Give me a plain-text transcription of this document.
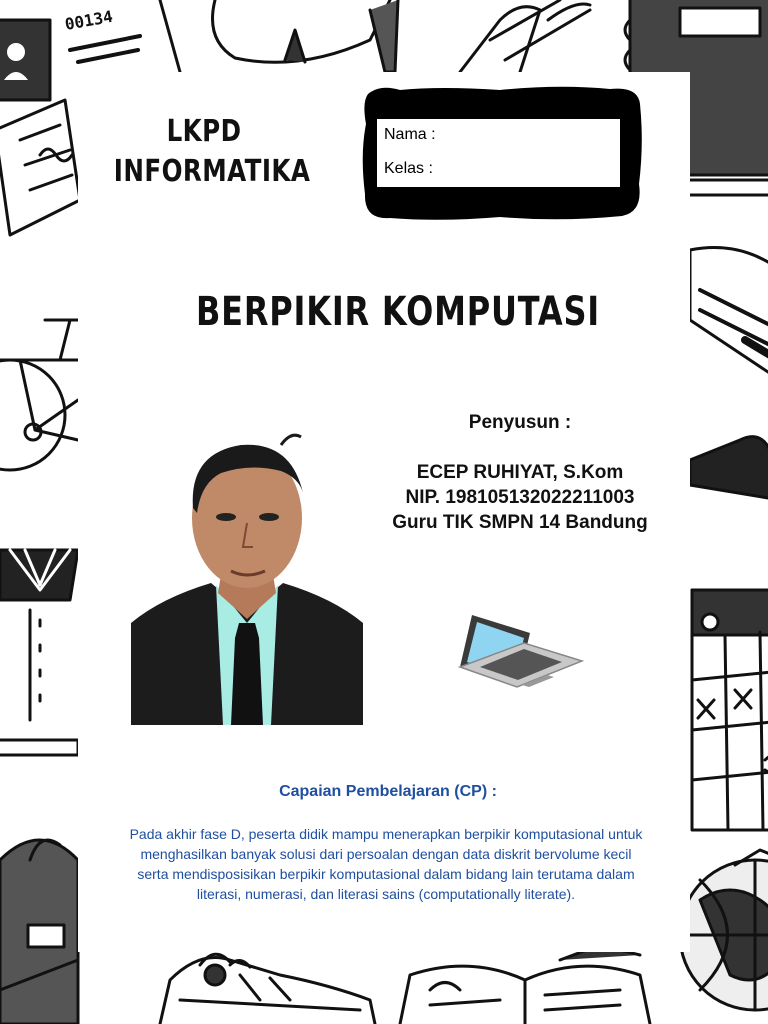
00134
LKPD
INFORMATIKA
Nama :
Kelas :
BERPIKIR KOMPUTASI
Penyusun :
ECEP RUHIYAT, S.Kom
NIP. 198105132022211003
Guru TIK SMPN 14 Bandung
Capaian Pembelajaran (CP) :
Pada akhir fase D, peserta didik mampu menerapkan berpikir komputasional untuk menghasilkan banyak solusi dari persoalan dengan data diskrit bervolume kecil serta mendisposisikan berpikir komputasional dalam bidang lain terutama dalam literasi, numerasi, dan literasi sains (computationally literate).
